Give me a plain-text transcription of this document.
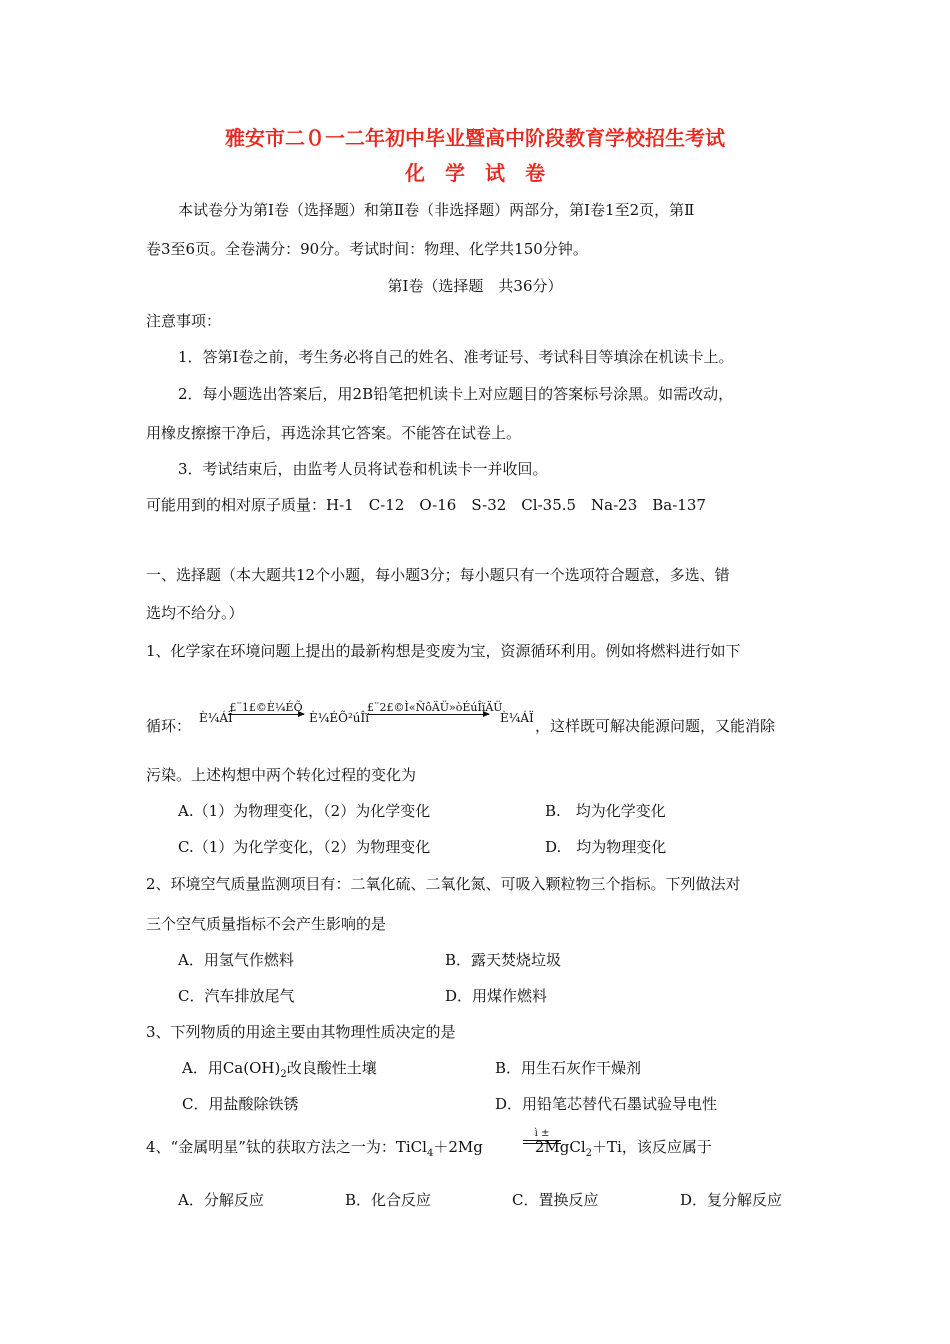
雅安市二０一二年初中毕业暨高中阶段教育学校招生考试
化　学　试　卷
本试卷分为第Ⅰ卷（选择题）和第Ⅱ卷（非选择题）两部分，第Ⅰ卷1至2页，第Ⅱ
卷3至6页。全卷满分：90分。考试时间：物理、化学共150分钟。
第Ⅰ卷（选择题　共36分）
注意事项：
1．答第Ⅰ卷之前，考生务必将自己的姓名、准考证号、考试科目等填涂在机读卡上。
2．每小题选出答案后，用2B铅笔把机读卡上对应题目的答案标号涂黑。如需改动，
用橡皮擦擦干净后，再选涂其它答案。不能答在试卷上。
3．考试结束后，由监考人员将试卷和机读卡一并收回。
可能用到的相对原子质量：H-1　C-12　O-16　S-32　Cl-35.5　Na-23　Ba-137
一、选择题（本大题共12个小题，每小题3分；每小题只有一个选项符合题意，多选、错
选均不给分。）
1、化学家在环境问题上提出的最新构想是变废为宝，资源循环利用。例如将燃料进行如下
循环： È¼ÁÏ
£¨1£©È¼ÉÕ
È¼ÉÕ²úÎï
£¨2£©Ì«ÑôÄÜ»òÉúÎïÄÜ
È¼ÁÏ ，这样既可解决能源问题，又能消除
污染。上述构想中两个转化过程的变化为
A.（1）为物理变化，（2）为化学变化	B.　均为化学变化
C.（1）为化学变化，（2）为物理变化	D.　均为物理变化
2、环境空气质量监测项目有：二氧化硫、二氧化氮、可吸入颗粒物三个指标。下列做法对
三个空气质量指标不会产生影响的是
A．用氢气作燃料	B．露天焚烧垃圾
C．汽车排放尾气	D．用煤作燃料
3、下列物质的用途主要由其物理性质决定的是
A．用$Ca(OH)_2$改良酸性土壤	B．用生石灰作干燥剂
C．用盐酸除铁锈	D．用铅笔芯替代石墨试验导电性
4、“金属明星”钛的获取方法之一为：TiCl$_4$＋2Mg	2MgCl$_2$＋Ti，该反应属于
ì ±
A．分解反应	B．化合反应	C．置换反应	D．复分解反应
